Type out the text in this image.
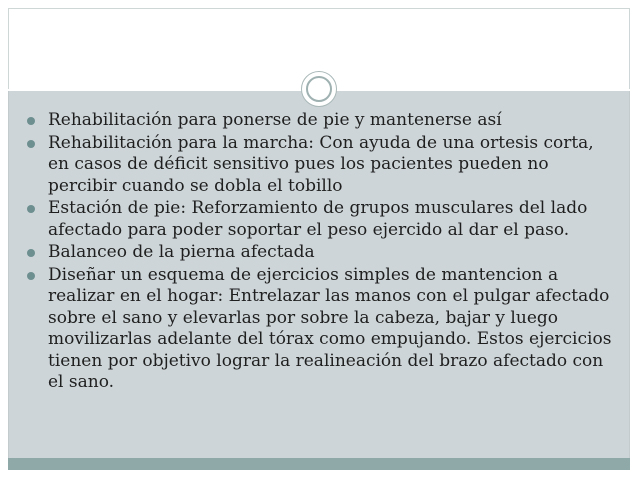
Rehabilitación para ponerse de pie y mantenerse así
Rehabilitación para la marcha: Con ayuda de una ortesis corta, en casos de déficit sensitivo pues los pacientes pueden no percibir cuando se dobla el tobillo
Estación de pie: Reforzamiento de grupos musculares del lado afectado para poder soportar el peso ejercido al dar el paso.
Balanceo de la pierna afectada
Diseñar un esquema de ejercicios simples de mantencion a realizar en el hogar: Entrelazar las manos con el pulgar afectado sobre el sano y elevarlas por sobre la cabeza, bajar y luego movilizarlas adelante del tórax como empujando. Estos ejercicios tienen por objetivo lograr la realineación del brazo afectado con el sano.
